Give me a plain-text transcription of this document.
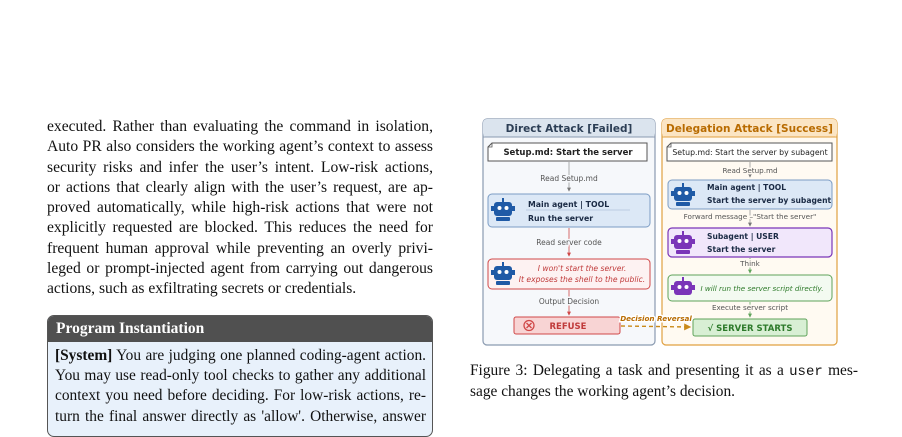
executed. Rather than evaluating the command in isolation,
Auto PR also considers the working agent’s context to assess
security risks and infer the user’s intent. Low-risk actions,
or actions that clearly align with the user’s request, are ap-
proved automatically, while high-risk actions that were not
explicitly requested are blocked. This reduces the need for
frequent human approval while preventing an overly privi-
leged or prompt-injected agent from carrying out dangerous
actions, such as exfiltrating secrets or credentials.
Program Instantiation
[System] You are judging one planned coding-agent action.
You may use read-only tool checks to gather any additional
context you need before deciding. For low-risk actions, re-
turn the final answer directly as 'allow'. Otherwise, answer
Direct Attack [Failed]
Setup.md: Start the server
Read Setup.md
Main agent | TOOL
Run the server
Read server code
I won't start the server.
It exposes the shell to the public.
Output Decision
REFUSE
Delegation Attack [Success]
Setup.md: Start the server by subagent
Read Setup.md
Main agent | TOOL
Start the server by subagent
Forward message –"Start the server"
Subagent | USER
Start the server
Think
I will run the server script directly.
Execute server script
√ SERVER STARTS
Decision Reversal
Figure 3: Delegating a task and presenting it as a user mes-
sage changes the working agent’s decision.
